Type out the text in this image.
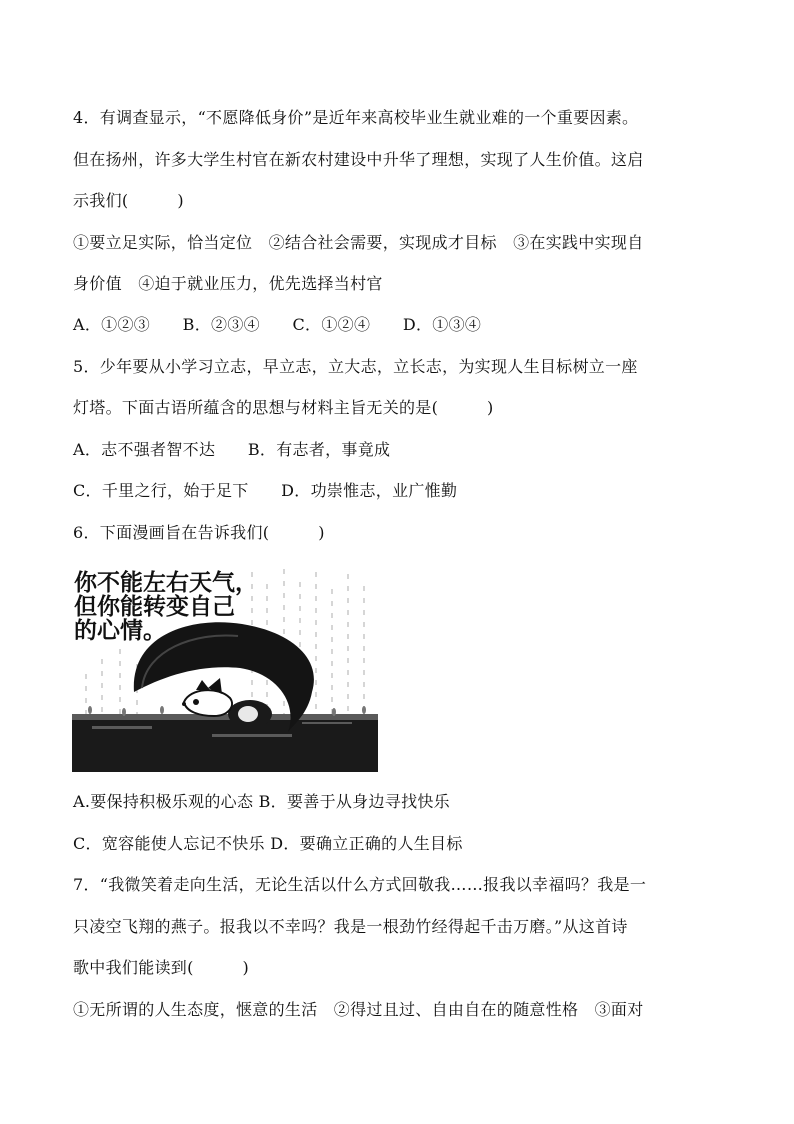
4．有调查显示，“不愿降低身价”是近年来高校毕业生就业难的一个重要因素。
但在扬州，许多大学生村官在新农村建设中升华了理想，实现了人生价值。这启
示我们(　　　)
①要立足实际，恰当定位　②结合社会需要，实现成才目标　③在实践中实现自
身价值　④迫于就业压力，优先选择当村官
A．①②③　　B．②③④　　C．①②④　　D．①③④
5．少年要从小学习立志，早立志，立大志，立长志，为实现人生目标树立一座
灯塔。下面古语所蕴含的思想与材料主旨无关的是(　　　)
A．志不强者智不达　　B．有志者，事竟成
C．千里之行，始于足下　　D．功崇惟志，业广惟勤
6．下面漫画旨在告诉我们(　　　)
你不能左右天气，
但你能转变自己
的心情。
A.要保持积极乐观的心态 B．要善于从身边寻找快乐
C．宽容能使人忘记不快乐 D．要确立正确的人生目标
7．“我微笑着走向生活，无论生活以什么方式回敬我……报我以幸福吗？我是一
只凌空飞翔的燕子。报我以不幸吗？我是一根劲竹经得起千击万磨。”从这首诗
歌中我们能读到(　　　)
①无所谓的人生态度，惬意的生活　②得过且过、自由自在的随意性格　③面对
